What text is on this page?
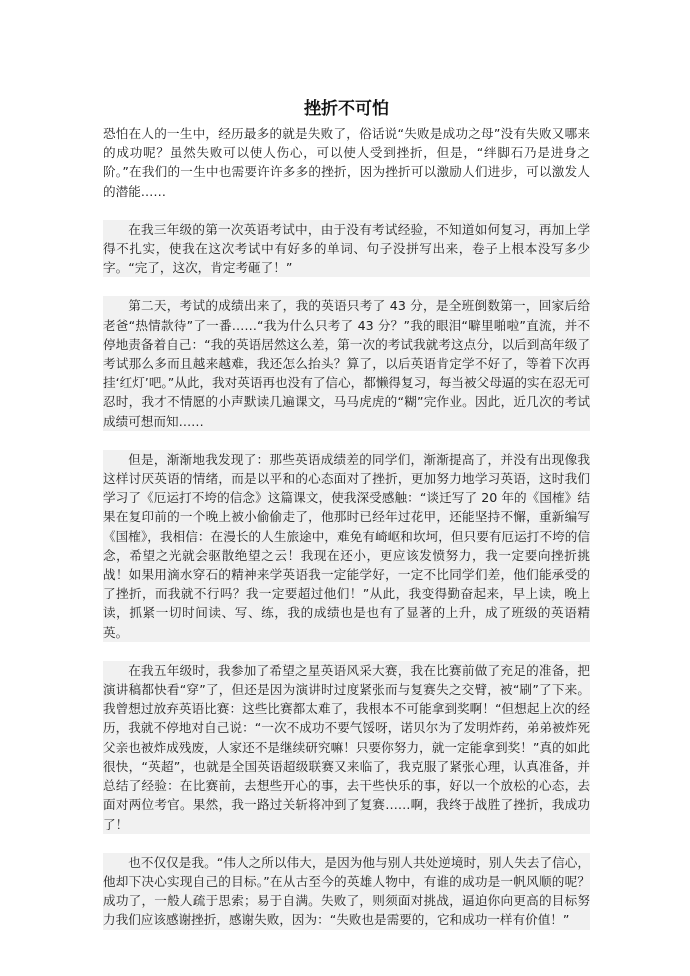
挫折不可怕

恐怕在人的一生中，经历最多的就是失败了，俗话说“失败是成功之母”没有失败又哪来的成功呢？虽然失败可以使人伤心，可以使人受到挫折，但是，“绊脚石乃是进身之阶。”在我们的一生中也需要许许多多的挫折，因为挫折可以激励人们进步，可以激发人的潜能……

在我三年级的第一次英语考试中，由于没有考试经验，不知道如何复习，再加上学得不扎实，使我在这次考试中有好多的单词、句子没拼写出来，卷子上根本没写多少字。“完了，这次，肯定考砸了！”

第二天，考试的成绩出来了，我的英语只考了 43 分，是全班倒数第一，回家后给老爸“热情款待”了一番……“我为什么只考了 43 分？”我的眼泪“噼里啪啦”直流，并不停地责备着自己：“我的英语居然这么差，第一次的考试我就考这点分，以后到高年级了考试那么多而且越来越难，我还怎么抬头？算了，以后英语肯定学不好了，等着下次再挂‘红灯’吧。”从此，我对英语再也没有了信心，都懒得复习，每当被父母逼的实在忍无可忍时，我才不情愿的小声默读几遍课文，马马虎虎的“糊”完作业。因此，近几次的考试成绩可想而知……

但是，渐渐地我发现了：那些英语成绩差的同学们，渐渐提高了，并没有出现像我这样讨厌英语的情绪，而是以平和的心态面对了挫折，更加努力地学习英语，这时我们学习了《厄运打不垮的信念》这篇课文，使我深受感触：“谈迁写了 20 年的《国榷》结果在复印前的一个晚上被小偷偷走了，他那时已经年过花甲，还能坚持不懈，重新编写《国榷》，我相信：在漫长的人生旅途中，难免有崎岖和坎坷，但只要有厄运打不垮的信念，希望之光就会驱散绝望之云！我现在还小，更应该发愤努力，我一定要向挫折挑战！如果用滴水穿石的精神来学英语我一定能学好，一定不比同学们差，他们能承受的了挫折，而我就不行吗？我一定要超过他们！”从此，我变得勤奋起来，早上读，晚上读，抓紧一切时间读、写、练，我的成绩也是也有了显著的上升，成了班级的英语精英。

在我五年级时，我参加了希望之星英语风采大赛，我在比赛前做了充足的准备，把演讲稿都快看“穿”了，但还是因为演讲时过度紧张而与复赛失之交臂，被“刷”了下来。我曾想过放弃英语比赛：这些比赛都太难了，我根本不可能拿到奖啊！“但想起上次的经历，我就不停地对自己说：“一次不成功不要气馁呀，诺贝尔为了发明炸药，弟弟被炸死父亲也被炸成残废，人家还不是继续研究嘛！只要你努力，就一定能拿到奖！”真的如此很快，“英超”，也就是全国英语超级联赛又来临了，我克服了紧张心理，认真准备，并总结了经验：在比赛前，去想些开心的事，去干些快乐的事，好以一个放松的心态，去面对两位考官。果然，我一路过关斩将冲到了复赛……啊，我终于战胜了挫折，我成功了！

也不仅仅是我。“伟人之所以伟大，是因为他与别人共处逆境时，别人失去了信心，他却下决心实现自己的目标。”在从古至今的英雄人物中，有谁的成功是一帆风顺的呢？成功了，一般人疏于思索；易于自满。失败了，则须面对挑战，逼迫你向更高的目标努力我们应该感谢挫折，感谢失败，因为：“失败也是需要的，它和成功一样有价值！”
